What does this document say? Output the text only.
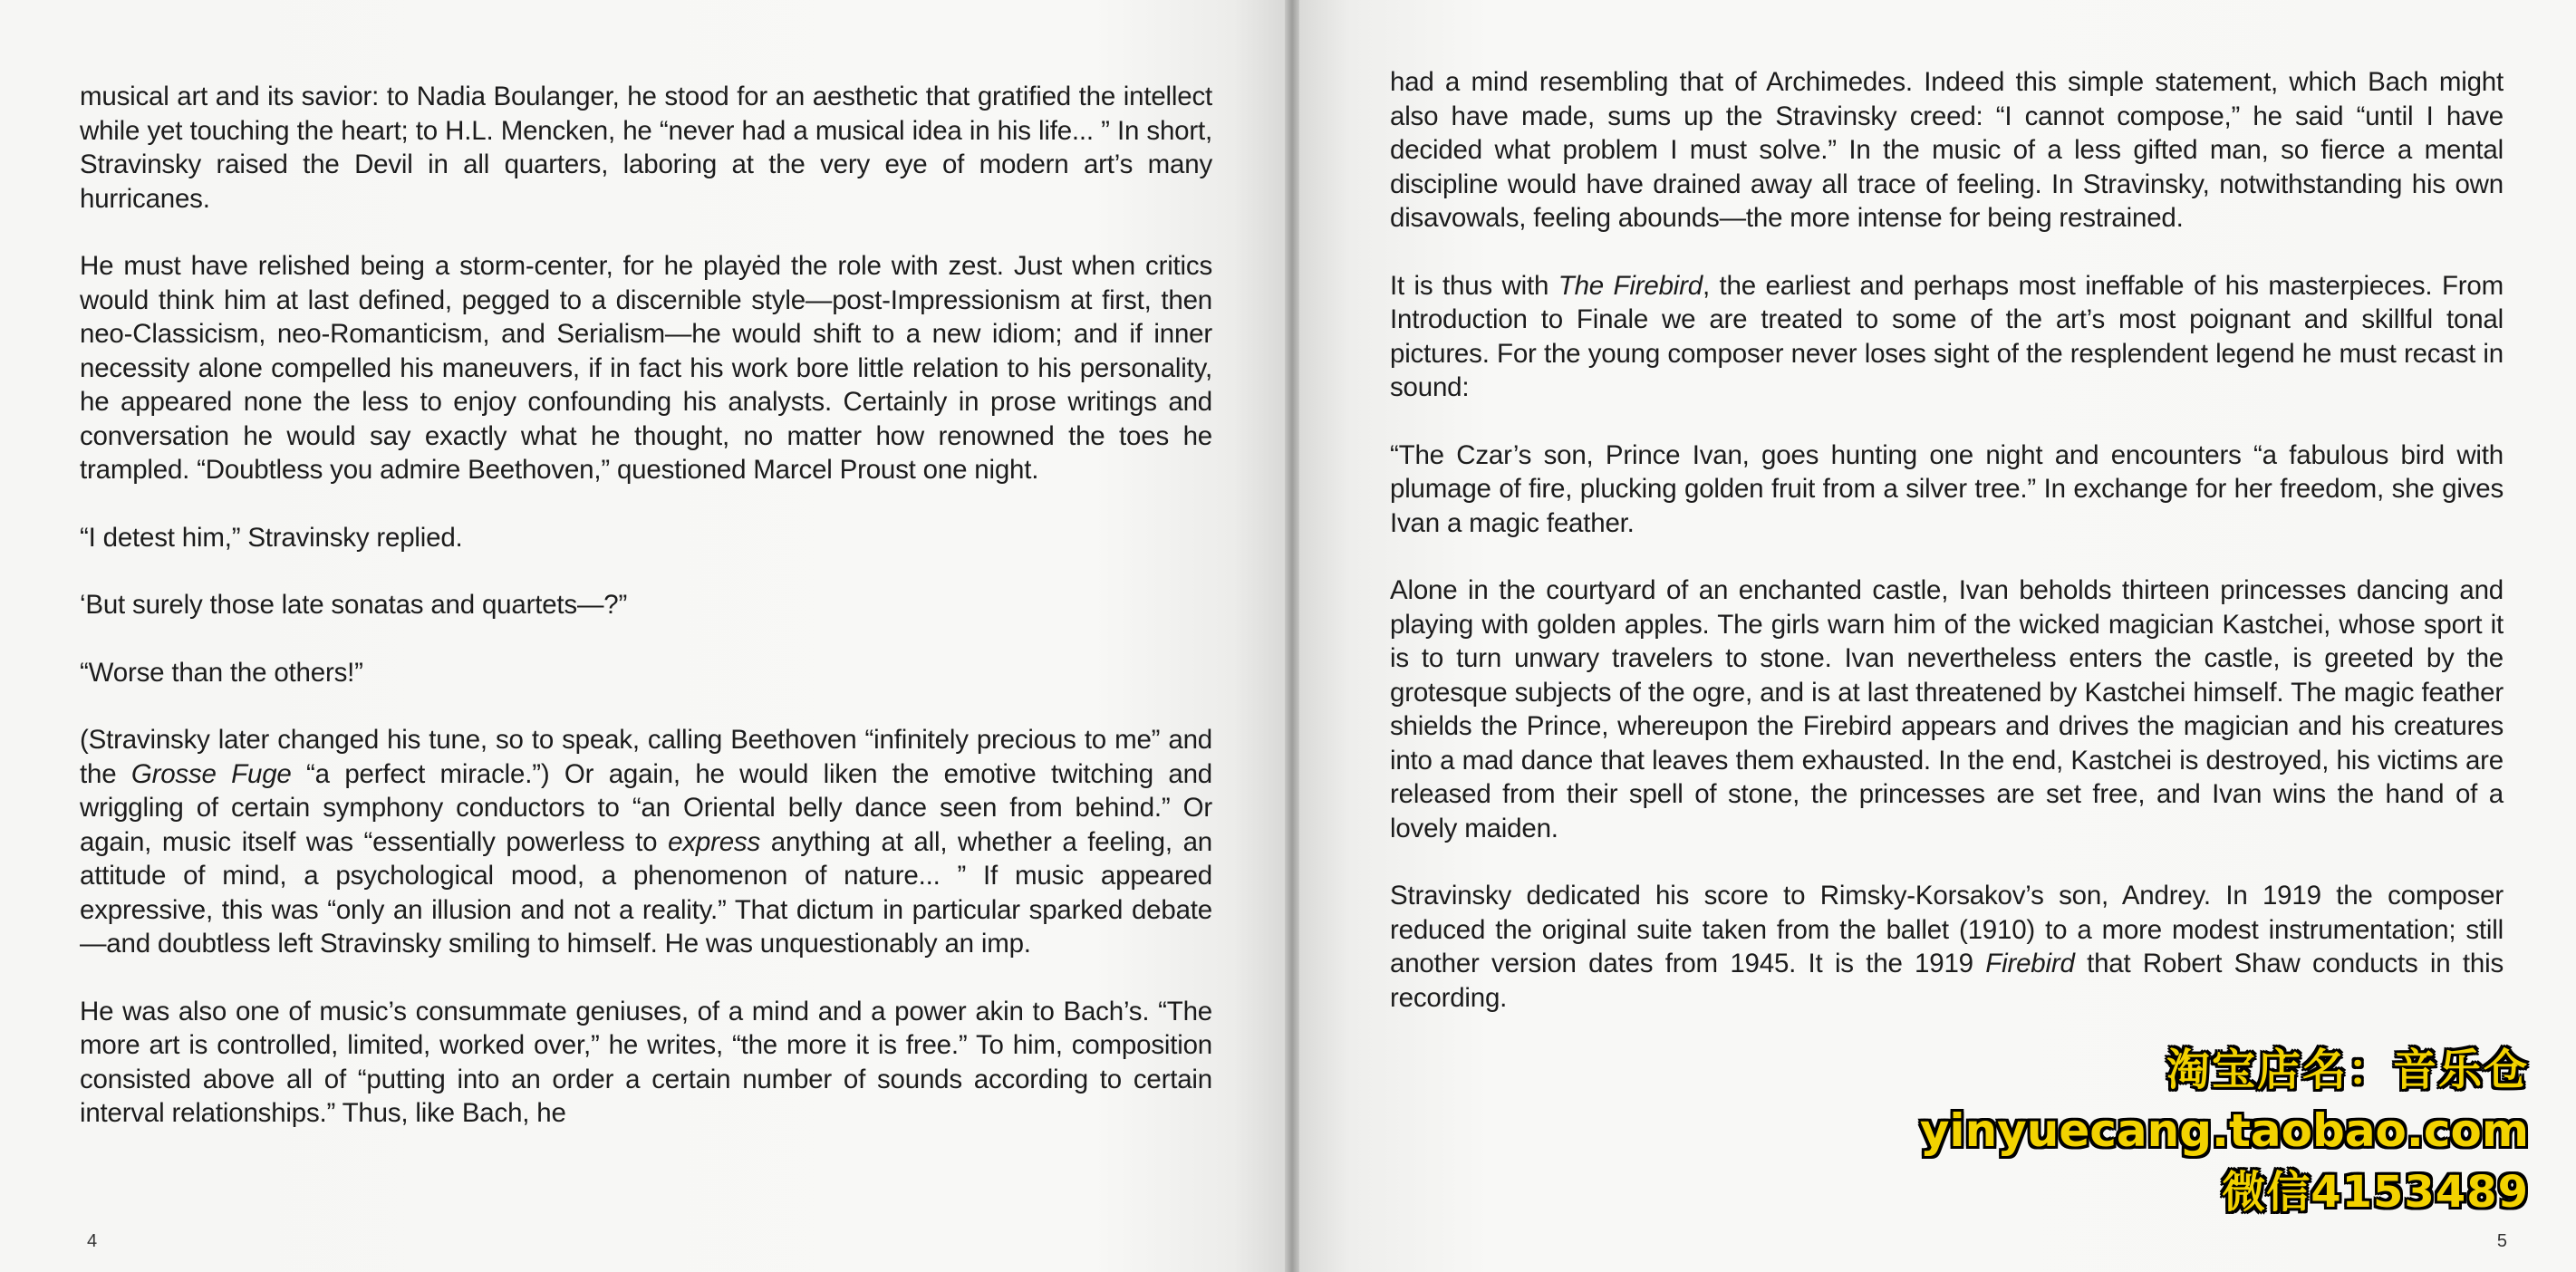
musical art and its savior: to Nadia Boulanger, he stood for an aesthetic that gratified the intellect while yet touching the heart; to H.L. Mencken, he “never had a musical idea in his life... ” In short, Stravinsky raised the Devil in all quarters, laboring at the very eye of modern art’s many hurricanes.

He must have relished being a storm-center, for he playėd the role with zest. Just when critics would think him at last defined, pegged to a discernible style—post-Impressionism at first, then neo-Classicism, neo-Romanticism, and Serialism—he would shift to a new idiom; and if inner necessity alone compelled his maneuvers, if in fact his work bore little relation to his personality, he appeared none the less to enjoy confounding his analysts. Certainly in prose writings and conversation he would say exactly what he thought, no matter how renowned the toes he trampled. “Doubtless you admire Beethoven,” questioned Marcel Proust one night.

“I detest him,” Stravinsky replied.

‘But surely those late sonatas and quartets—?”

“Worse than the others!”

(Stravinsky later changed his tune, so to speak, calling Beethoven “infinitely precious to me” and the Grosse Fuge “a perfect miracle.”) Or again, he would liken the emotive twitching and wriggling of certain symphony conductors to “an Oriental belly dance seen from behind.” Or again, music itself was “essentially powerless to express anything at all, whether a feeling, an attitude of mind, a psychological mood, a phenomenon of nature... ” If music appeared expressive, this was “only an illusion and not a reality.” That dictum in particular sparked debate—and doubtless left Stravinsky smiling to himself. He was unquestionably an imp.

He was also one of music’s consummate geniuses, of a mind and a power akin to Bach’s. “The more art is controlled, limited, worked over,” he writes, “the more it is free.” To him, composition consisted above all of “putting into an order a certain number of sounds according to certain interval relationships.” Thus, like Bach, he

4

had a mind resembling that of Archimedes. Indeed this simple statement, which Bach might also have made, sums up the Stravinsky creed: “I cannot compose,” he said “until I have decided what problem I must solve.” In the music of a less gifted man, so fierce a mental discipline would have drained away all trace of feeling. In Stravinsky, notwithstanding his own disavowals, feeling abounds—the more intense for being restrained.

It is thus with The Firebird, the earliest and perhaps most ineffable of his masterpieces. From Introduction to Finale we are treated to some of the art’s most poignant and skillful tonal pictures. For the young composer never loses sight of the resplendent legend he must recast in sound:

“The Czar’s son, Prince Ivan, goes hunting one night and encounters “a fabulous bird with plumage of fire, plucking golden fruit from a silver tree.” In exchange for her freedom, she gives Ivan a magic feather.

Alone in the courtyard of an enchanted castle, Ivan beholds thirteen princesses dancing and playing with golden apples. The girls warn him of the wicked magician Kastchei, whose sport it is to turn unwary travelers to stone. Ivan nevertheless enters the castle, is greeted by the grotesque subjects of the ogre, and is at last threatened by Kastchei himself. The magic feather shields the Prince, whereupon the Firebird appears and drives the magician and his creatures into a mad dance that leaves them exhausted. In the end, Kastchei is destroyed, his victims are released from their spell of stone, the princesses are set free, and Ivan wins the hand of a lovely maiden.

Stravinsky dedicated his score to Rimsky-Korsakov’s son, Andrey. In 1919 the composer reduced the original suite taken from the ballet (1910) to a more modest instrumentation; still another version dates from 1945. It is the 1919 Firebird that Robert Shaw conducts in this recording.

5
淘宝店名：音乐仓
yinyuecang.taobao.com
微信4153489
